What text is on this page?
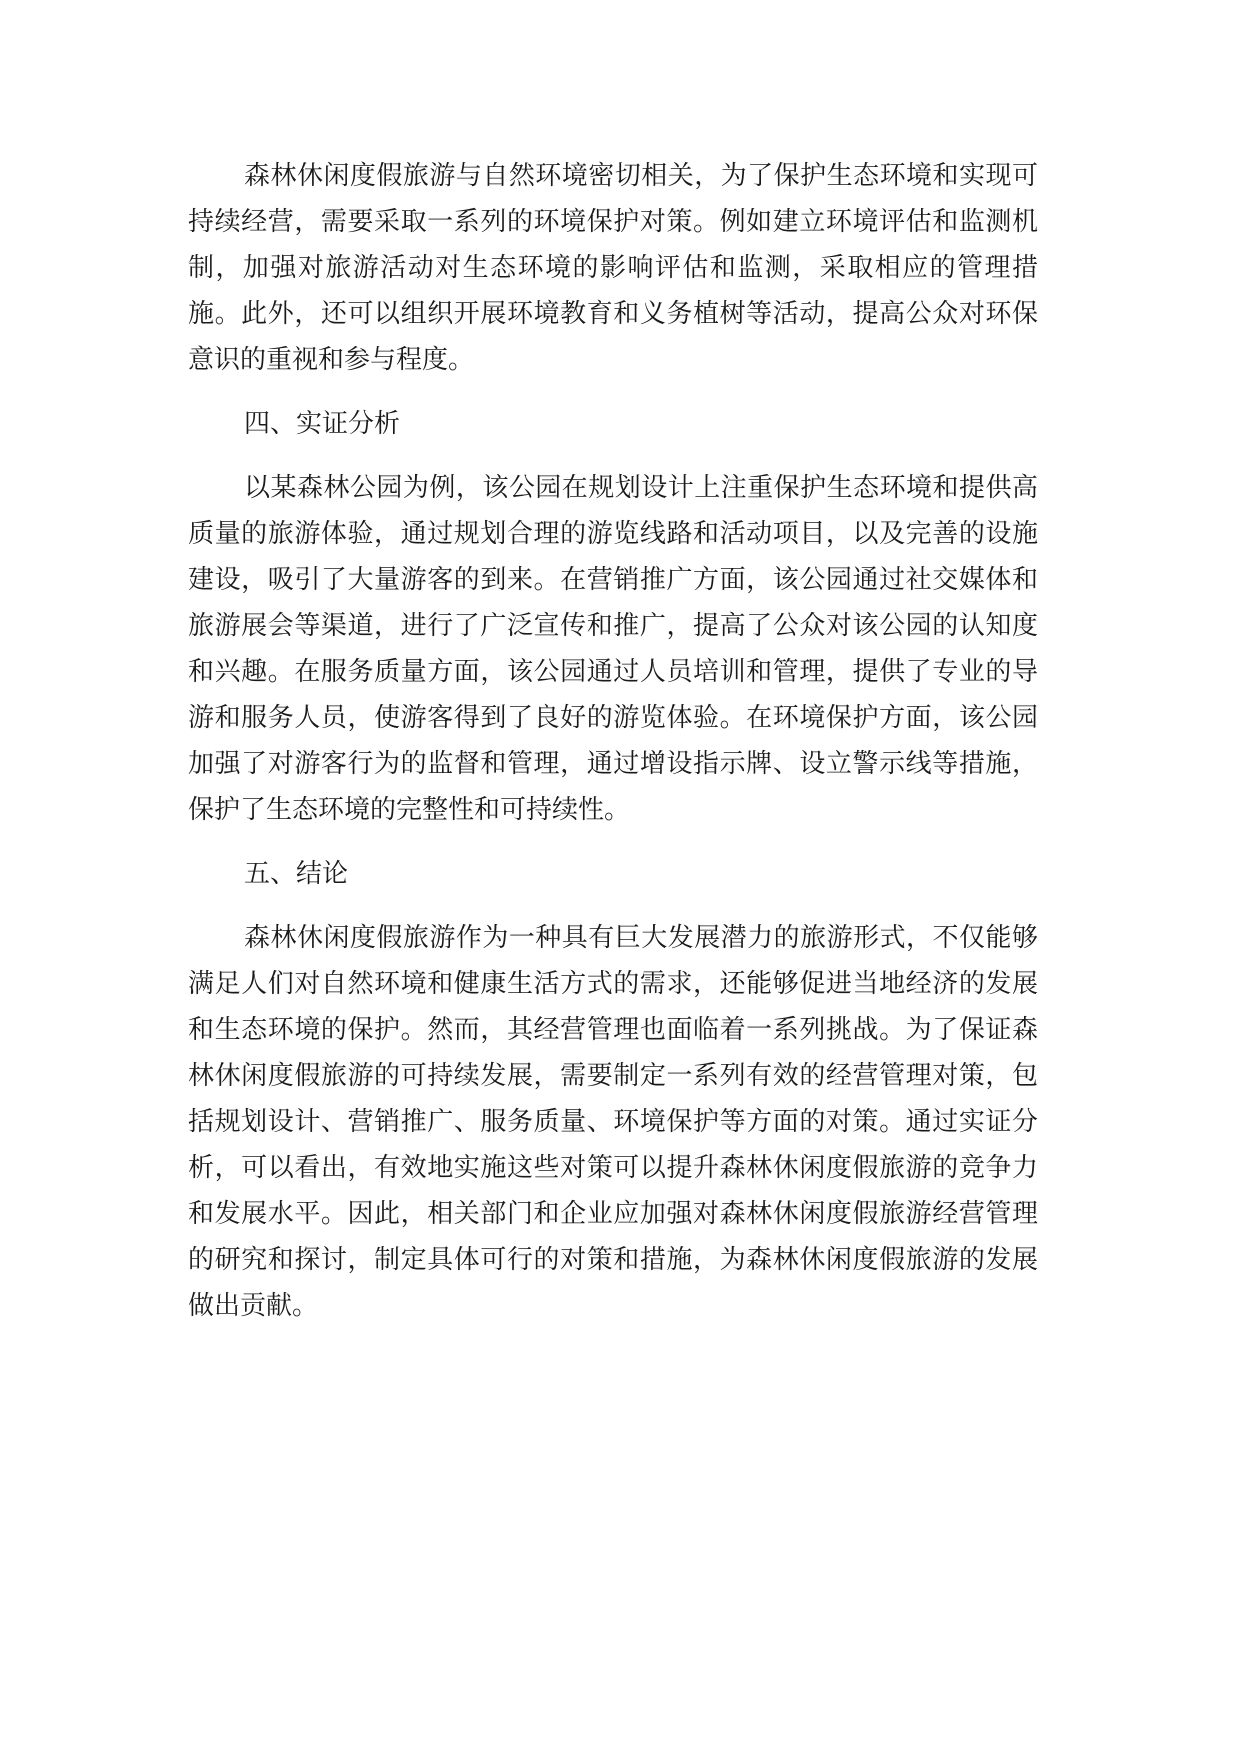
森林休闲度假旅游与自然环境密切相关，为了保护生态环境和实现可持续经营，需要采取一系列的环境保护对策。例如建立环境评估和监测机制，加强对旅游活动对生态环境的影响评估和监测，采取相应的管理措施。此外，还可以组织开展环境教育和义务植树等活动，提高公众对环保意识的重视和参与程度。

四、实证分析

以某森林公园为例，该公园在规划设计上注重保护生态环境和提供高质量的旅游体验，通过规划合理的游览线路和活动项目，以及完善的设施建设，吸引了大量游客的到来。在营销推广方面，该公园通过社交媒体和旅游展会等渠道，进行了广泛宣传和推广，提高了公众对该公园的认知度和兴趣。在服务质量方面，该公园通过人员培训和管理，提供了专业的导游和服务人员，使游客得到了良好的游览体验。在环境保护方面，该公园加强了对游客行为的监督和管理，通过增设指示牌、设立警示线等措施，保护了生态环境的完整性和可持续性。

五、结论

森林休闲度假旅游作为一种具有巨大发展潜力的旅游形式，不仅能够满足人们对自然环境和健康生活方式的需求，还能够促进当地经济的发展和生态环境的保护。然而，其经营管理也面临着一系列挑战。为了保证森林休闲度假旅游的可持续发展，需要制定一系列有效的经营管理对策，包括规划设计、营销推广、服务质量、环境保护等方面的对策。通过实证分析，可以看出，有效地实施这些对策可以提升森林休闲度假旅游的竞争力和发展水平。因此，相关部门和企业应加强对森林休闲度假旅游经营管理的研究和探讨，制定具体可行的对策和措施，为森林休闲度假旅游的发展做出贡献。
